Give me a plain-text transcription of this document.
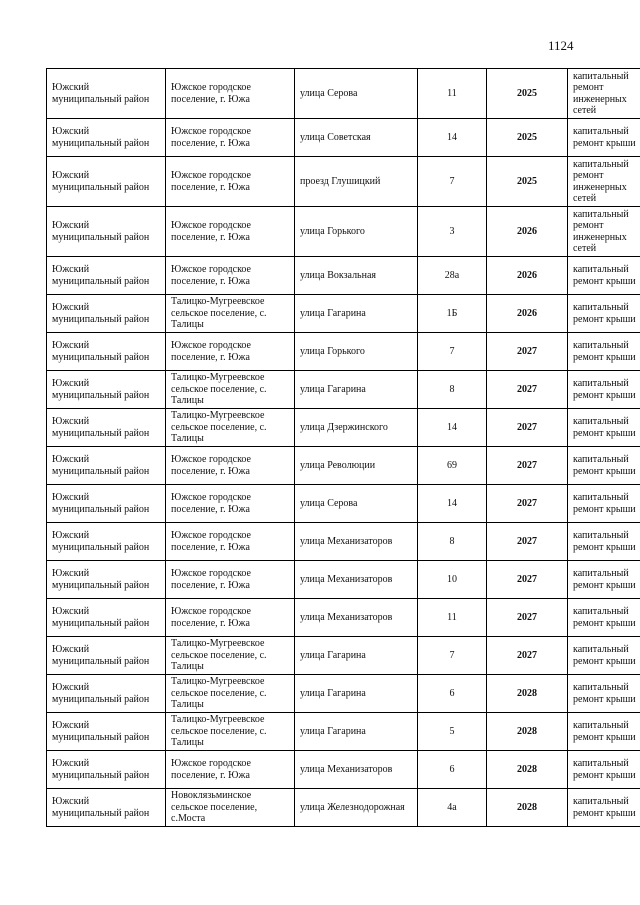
1124
Южский муниципальный район	Южское городское поселение, г. Южа	улица Серова	11	2025	капитальный ремонт инженерных сетей
Южский муниципальный район	Южское городское поселение, г. Южа	улица Советская	14	2025	капитальный ремонт крыши
Южский муниципальный район	Южское городское поселение, г. Южа	проезд Глушицкий	7	2025	капитальный ремонт инженерных сетей
Южский муниципальный район	Южское городское поселение, г. Южа	улица Горького	3	2026	капитальный ремонт инженерных сетей
Южский муниципальный район	Южское городское поселение, г. Южа	улица Вокзальная	28а	2026	капитальный ремонт крыши
Южский муниципальный район	Талицко-Мугреевское сельское поселение, с. Талицы	улица Гагарина	1Б	2026	капитальный ремонт крыши
Южский муниципальный район	Южское городское поселение, г. Южа	улица Горького	7	2027	капитальный ремонт крыши
Южский муниципальный район	Талицко-Мугреевское сельское поселение, с. Талицы	улица Гагарина	8	2027	капитальный ремонт крыши
Южский муниципальный район	Талицко-Мугреевское сельское поселение, с. Талицы	улица Дзержинского	14	2027	капитальный ремонт крыши
Южский муниципальный район	Южское городское поселение, г. Южа	улица Революции	69	2027	капитальный ремонт крыши
Южский муниципальный район	Южское городское поселение, г. Южа	улица Серова	14	2027	капитальный ремонт крыши
Южский муниципальный район	Южское городское поселение, г. Южа	улица Механизаторов	8	2027	капитальный ремонт крыши
Южский муниципальный район	Южское городское поселение, г. Южа	улица Механизаторов	10	2027	капитальный ремонт крыши
Южский муниципальный район	Южское городское поселение, г. Южа	улица Механизаторов	11	2027	капитальный ремонт крыши
Южский муниципальный район	Талицко-Мугреевское сельское поселение, с. Талицы	улица Гагарина	7	2027	капитальный ремонт крыши
Южский муниципальный район	Талицко-Мугреевское сельское поселение, с. Талицы	улица Гагарина	6	2028	капитальный ремонт крыши
Южский муниципальный район	Талицко-Мугреевское сельское поселение, с. Талицы	улица Гагарина	5	2028	капитальный ремонт крыши
Южский муниципальный район	Южское городское поселение, г. Южа	улица Механизаторов	6	2028	капитальный ремонт крыши
Южский муниципальный район	Новоклязьминское сельское поселение, с.Моста	улица Железнодорожная	4а	2028	капитальный ремонт крыши
